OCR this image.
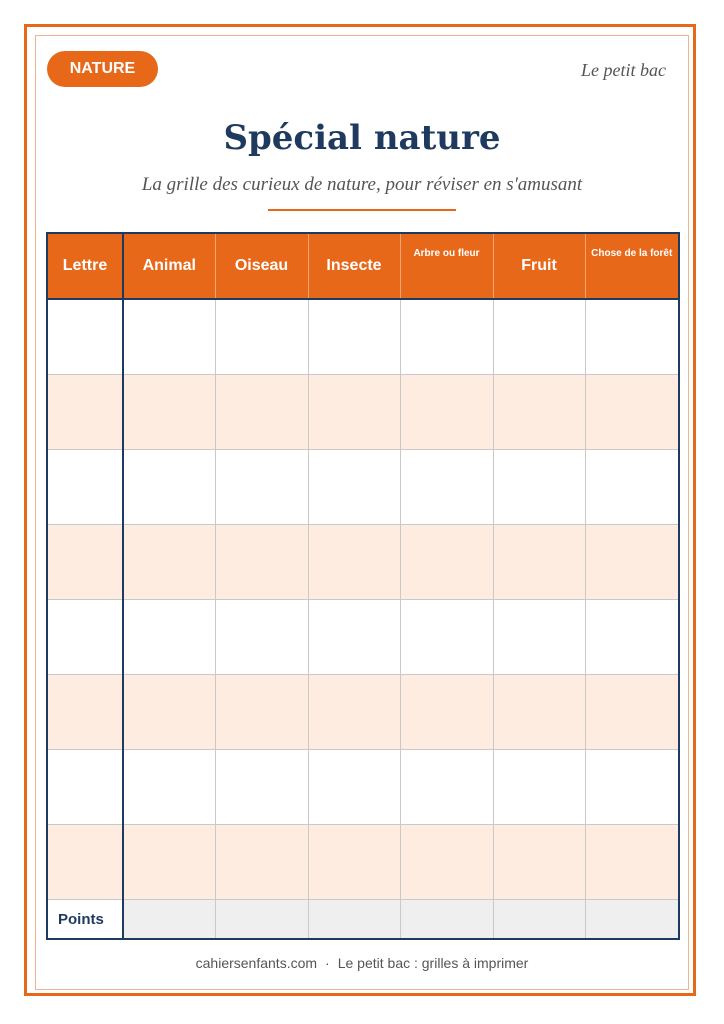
NATURE	Le petit bac
Spécial nature
La grille des curieux de nature, pour réviser en s'amusant
Lettre	Animal	Oiseau	Insecte	Arbre ou fleur	Fruit	Chose de la forêt

Points						
cahiersenfants.com · Le petit bac : grilles à imprimer
